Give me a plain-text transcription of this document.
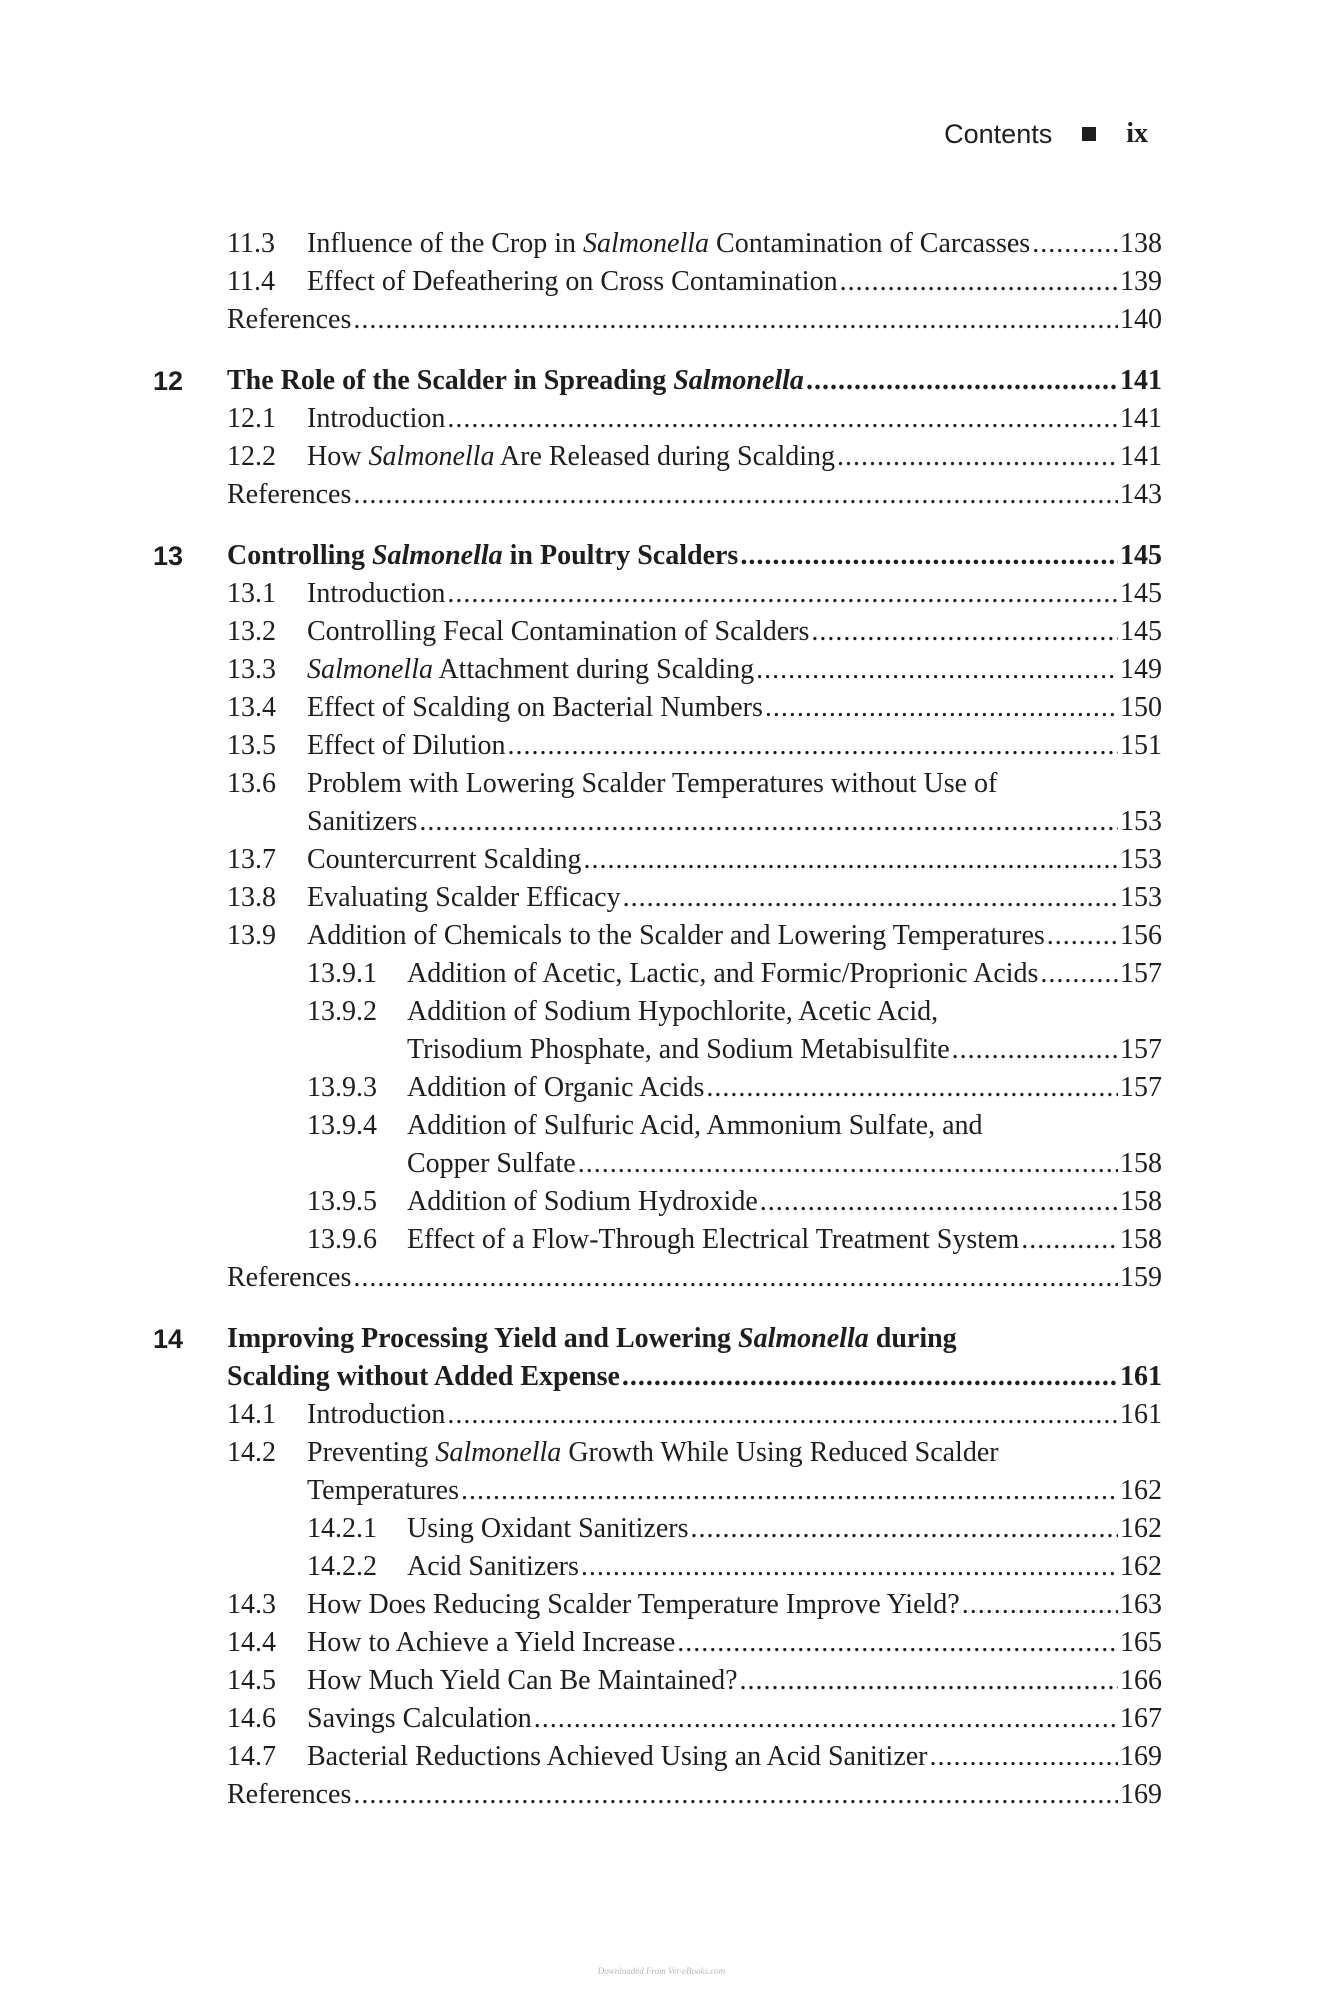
Contents	ix
11.3 Influence of the Crop in Salmonella Contamination of Carcasses .....	138
11.4 Effect of Defeathering on Cross Contamination .....	139
References .....	140
12 The Role of the Scalder in Spreading Salmonella .....	141
12.1 Introduction .....	141
12.2 How Salmonella Are Released during Scalding .....	141
References .....	143
13 Controlling Salmonella in Poultry Scalders .....	145
13.1 Introduction .....	145
13.2 Controlling Fecal Contamination of Scalders .....	145
13.3 Salmonella Attachment during Scalding .....	149
13.4 Effect of Scalding on Bacterial Numbers .....	150
13.5 Effect of Dilution .....	151
13.6 Problem with Lowering Scalder Temperatures without Use of
Sanitizers .....	153
13.7 Countercurrent Scalding .....	153
13.8 Evaluating Scalder Efficacy .....	153
13.9 Addition of Chemicals to the Scalder and Lowering Temperatures .....	156
13.9.1 Addition of Acetic, Lactic, and Formic/Proprionic Acids .....	157
13.9.2 Addition of Sodium Hypochlorite, Acetic Acid,
Trisodium Phosphate, and Sodium Metabisulfite .....	157
13.9.3 Addition of Organic Acids .....	157
13.9.4 Addition of Sulfuric Acid, Ammonium Sulfate, and
Copper Sulfate .....	158
13.9.5 Addition of Sodium Hydroxide .....	158
13.9.6 Effect of a Flow-Through Electrical Treatment System .....	158
References .....	159
14 Improving Processing Yield and Lowering Salmonella during
Scalding without Added Expense .....	161
14.1 Introduction .....	161
14.2 Preventing Salmonella Growth While Using Reduced Scalder
Temperatures .....	162
14.2.1 Using Oxidant Sanitizers .....	162
14.2.2 Acid Sanitizers .....	162
14.3 How Does Reducing Scalder Temperature Improve Yield? .....	163
14.4 How to Achieve a Yield Increase .....	165
14.5 How Much Yield Can Be Maintained? .....	166
14.6 Savings Calculation .....	167
14.7 Bacterial Reductions Achieved Using an Acid Sanitizer .....	169
References .....	169
Downloaded From Vet-eBooks.com
